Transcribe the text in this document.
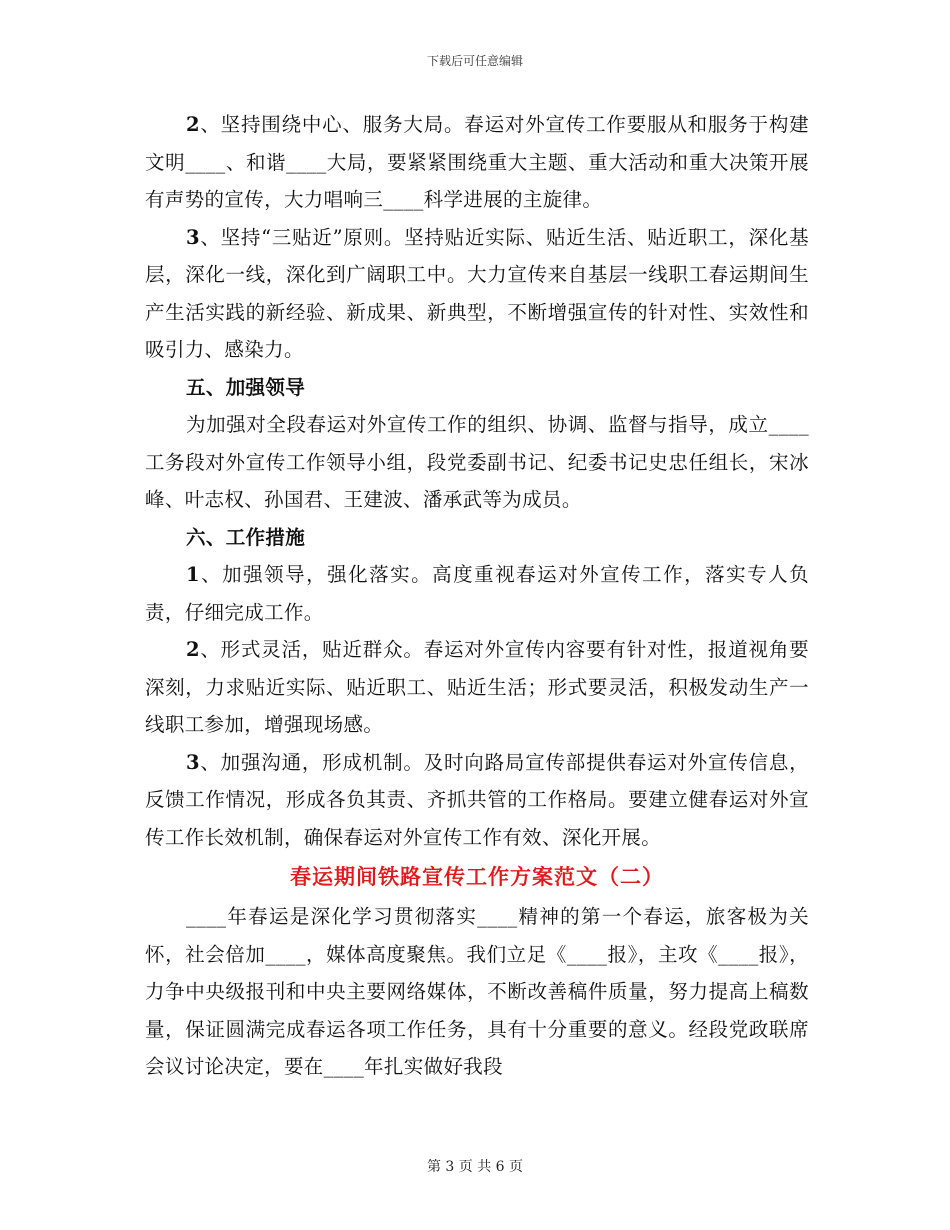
下载后可任意编辑

2、坚持围绕中心、服务大局。春运对外宣传工作要服从和服务于构建文明____、和谐____大局，要紧紧围绕重大主题、重大活动和重大决策开展有声势的宣传，大力唱响三____科学进展的主旋律。

3、坚持“三贴近”原则。坚持贴近实际、贴近生活、贴近职工，深化基层，深化一线，深化到广阔职工中。大力宣传来自基层一线职工春运期间生产生活实践的新经验、新成果、新典型，不断增强宣传的针对性、实效性和吸引力、感染力。

五、加强领导

为加强对全段春运对外宣传工作的组织、协调、监督与指导，成立____工务段对外宣传工作领导小组，段党委副书记、纪委书记史忠任组长，宋冰峰、叶志权、孙国君、王建波、潘承武等为成员。

六、工作措施

1、加强领导，强化落实。高度重视春运对外宣传工作，落实专人负责，仔细完成工作。

2、形式灵活，贴近群众。春运对外宣传内容要有针对性，报道视角要深刻，力求贴近实际、贴近职工、贴近生活；形式要灵活，积极发动生产一线职工参加，增强现场感。

3、加强沟通，形成机制。及时向路局宣传部提供春运对外宣传信息，反馈工作情况，形成各负其责、齐抓共管的工作格局。要建立健春运对外宣传工作长效机制，确保春运对外宣传工作有效、深化开展。

春运期间铁路宣传工作方案范文（二）

____年春运是深化学习贯彻落实____精神的第一个春运，旅客极为关怀，社会倍加____，媒体高度聚焦。我们立足《____报》，主攻《____报》，力争中央级报刊和中央主要网络媒体，不断改善稿件质量，努力提高上稿数量，保证圆满完成春运各项工作任务，具有十分重要的意义。经段党政联席会议讨论决定，要在____年扎实做好我段

第 3 页 共 6 页
